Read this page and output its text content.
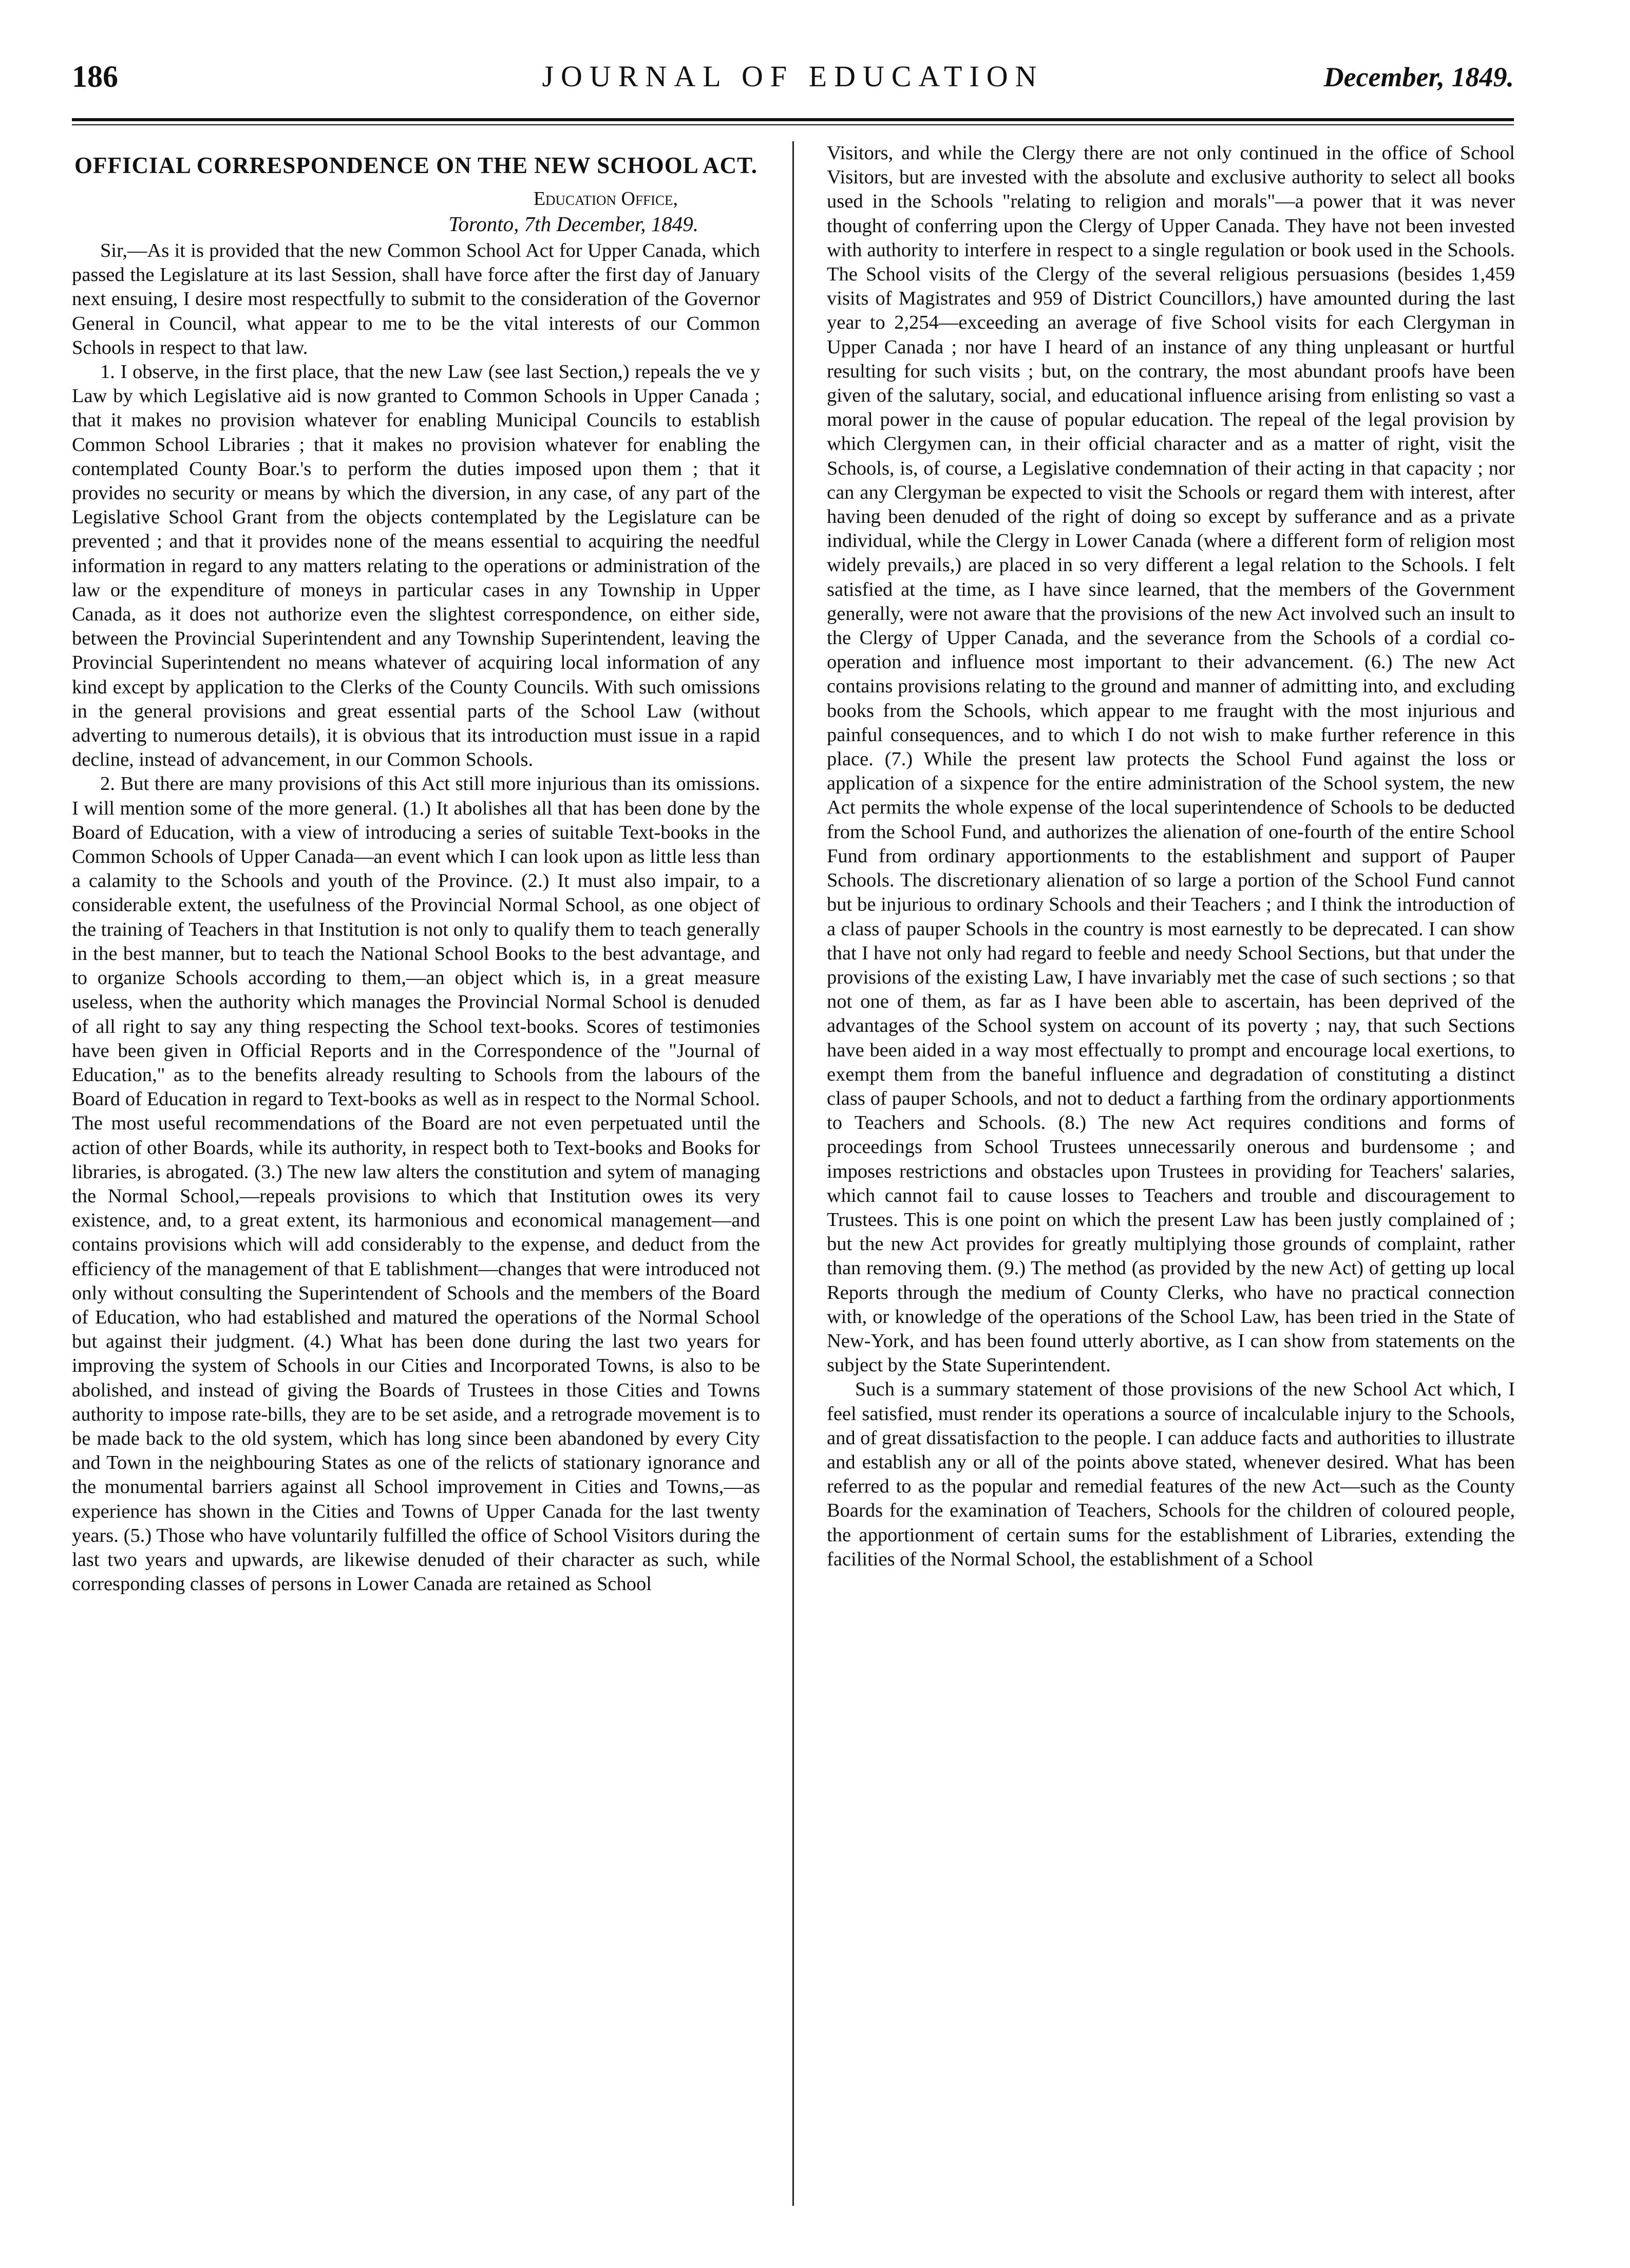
186	JOURNAL OF EDUCATION	December, 1849.
OFFICIAL CORRESPONDENCE ON THE NEW SCHOOL ACT.

Education Office,

Toronto, 7th December, 1849.

Sir,—As it is provided that the new Common School Act for Upper Canada, which passed the Legislature at its last Session, shall have force after the first day of January next ensuing, I desire most respectfully to submit to the consideration of the Governor General in Council, what appear to me to be the vital interests of our Common Schools in respect to that law.

1. I observe, in the first place, that the new Law (see last Section,) repeals the ve y Law by which Legislative aid is now granted to Common Schools in Upper Canada ; that it makes no provision whatever for enabling Municipal Councils to establish Common School Libraries ; that it makes no provision whatever for enabling the contemplated County Boar.'s to perform the duties imposed upon them ; that it provides no security or means by which the diversion, in any case, of any part of the Legislative School Grant from the objects contemplated by the Legislature can be prevented ; and that it provides none of the means essential to acquiring the needful information in regard to any matters relating to the operations or administration of the law or the expenditure of moneys in particular cases in any Township in Upper Canada, as it does not authorize even the slightest correspondence, on either side, between the Provincial Superintendent and any Township Superintendent, leaving the Provincial Superintendent no means whatever of acquiring local information of any kind except by application to the Clerks of the County Councils. With such omissions in the general provisions and great essential parts of the School Law (without adverting to numerous details), it is obvious that its introduction must issue in a rapid decline, instead of advancement, in our Common Schools.

2. But there are many provisions of this Act still more injurious than its omissions. I will mention some of the more general. (1.) It abolishes all that has been done by the Board of Education, with a view of introducing a series of suitable Text-books in the Common Schools of Upper Canada—an event which I can look upon as little less than a calamity to the Schools and youth of the Province. (2.) It must also impair, to a considerable extent, the usefulness of the Provincial Normal School, as one object of the training of Teachers in that Institution is not only to qualify them to teach generally in the best manner, but to teach the National School Books to the best advantage, and to organize Schools according to them,—an object which is, in a great measure useless, when the authority which manages the Provincial Normal School is denuded of all right to say any thing respecting the School text-books. Scores of testimonies have been given in Official Reports and in the Correspondence of the "Journal of Education," as to the benefits already resulting to Schools from the labours of the Board of Education in regard to Text-books as well as in respect to the Normal School. The most useful recommendations of the Board are not even perpetuated until the action of other Boards, while its authority, in respect both to Text-books and Books for libraries, is abrogated. (3.) The new law alters the constitution and sytem of managing the Normal School,—repeals provisions to which that Institution owes its very existence, and, to a great extent, its harmonious and economical management—and contains provisions which will add considerably to the expense, and deduct from the efficiency of the management of that E tablishment—changes that were introduced not only without consulting the Superintendent of Schools and the members of the Board of Education, who had established and matured the operations of the Normal School but against their judgment. (4.) What has been done during the last two years for improving the system of Schools in our Cities and Incorporated Towns, is also to be abolished, and instead of giving the Boards of Trustees in those Cities and Towns authority to impose rate-bills, they are to be set aside, and a retrograde movement is to be made back to the old system, which has long since been abandoned by every City and Town in the neighbouring States as one of the relicts of stationary ignorance and the monumental barriers against all School improvement in Cities and Towns,—as experience has shown in the Cities and Towns of Upper Canada for the last twenty years. (5.) Those who have voluntarily fulfilled the office of School Visitors during the last two years and upwards, are likewise denuded of their character as such, while corresponding classes of persons in Lower Canada are retained as School

Visitors, and while the Clergy there are not only continued in the office of School Visitors, but are invested with the absolute and exclusive authority to select all books used in the Schools "relating to religion and morals"—a power that it was never thought of conferring upon the Clergy of Upper Canada. They have not been invested with authority to interfere in respect to a single regulation or book used in the Schools. The School visits of the Clergy of the several religious persuasions (besides 1,459 visits of Magistrates and 959 of District Councillors,) have amounted during the last year to 2,254—exceeding an average of five School visits for each Clergyman in Upper Canada ; nor have I heard of an instance of any thing unpleasant or hurtful resulting for such visits ; but, on the contrary, the most abundant proofs have been given of the salutary, social, and educational influence arising from enlisting so vast a moral power in the cause of popular education. The repeal of the legal provision by which Clergymen can, in their official character and as a matter of right, visit the Schools, is, of course, a Legislative condemnation of their acting in that capacity ; nor can any Clergyman be expected to visit the Schools or regard them with interest, after having been denuded of the right of doing so except by sufferance and as a private individual, while the Clergy in Lower Canada (where a different form of religion most widely prevails,) are placed in so very different a legal relation to the Schools. I felt satisfied at the time, as I have since learned, that the members of the Government generally, were not aware that the provisions of the new Act involved such an insult to the Clergy of Upper Canada, and the severance from the Schools of a cordial co-operation and influence most important to their advancement. (6.) The new Act contains provisions relating to the ground and manner of admitting into, and excluding books from the Schools, which appear to me fraught with the most injurious and painful consequences, and to which I do not wish to make further reference in this place. (7.) While the present law protects the School Fund against the loss or application of a sixpence for the entire administration of the School system, the new Act permits the whole expense of the local superintendence of Schools to be deducted from the School Fund, and authorizes the alienation of one-fourth of the entire School Fund from ordinary apportionments to the establishment and support of Pauper Schools. The discretionary alienation of so large a portion of the School Fund cannot but be injurious to ordinary Schools and their Teachers ; and I think the introduction of a class of pauper Schools in the country is most earnestly to be deprecated. I can show that I have not only had regard to feeble and needy School Sections, but that under the provisions of the existing Law, I have invariably met the case of such sections ; so that not one of them, as far as I have been able to ascertain, has been deprived of the advantages of the School system on account of its poverty ; nay, that such Sections have been aided in a way most effectually to prompt and encourage local exertions, to exempt them from the baneful influence and degradation of constituting a distinct class of pauper Schools, and not to deduct a farthing from the ordinary apportionments to Teachers and Schools. (8.) The new Act requires conditions and forms of proceedings from School Trustees unnecessarily onerous and burdensome ; and imposes restrictions and obstacles upon Trustees in providing for Teachers' salaries, which cannot fail to cause losses to Teachers and trouble and discouragement to Trustees. This is one point on which the present Law has been justly complained of ; but the new Act provides for greatly multiplying those grounds of complaint, rather than removing them. (9.) The method (as provided by the new Act) of getting up local Reports through the medium of County Clerks, who have no practical connection with, or knowledge of the operations of the School Law, has been tried in the State of New-York, and has been found utterly abortive, as I can show from statements on the subject by the State Superintendent.

Such is a summary statement of those provisions of the new School Act which, I feel satisfied, must render its operations a source of incalculable injury to the Schools, and of great dissatisfaction to the people. I can adduce facts and authorities to illustrate and establish any or all of the points above stated, whenever desired. What has been referred to as the popular and remedial features of the new Act—such as the County Boards for the examination of Teachers, Schools for the children of coloured people, the apportionment of certain sums for the establishment of Libraries, extending the facilities of the Normal School, the establishment of a School
